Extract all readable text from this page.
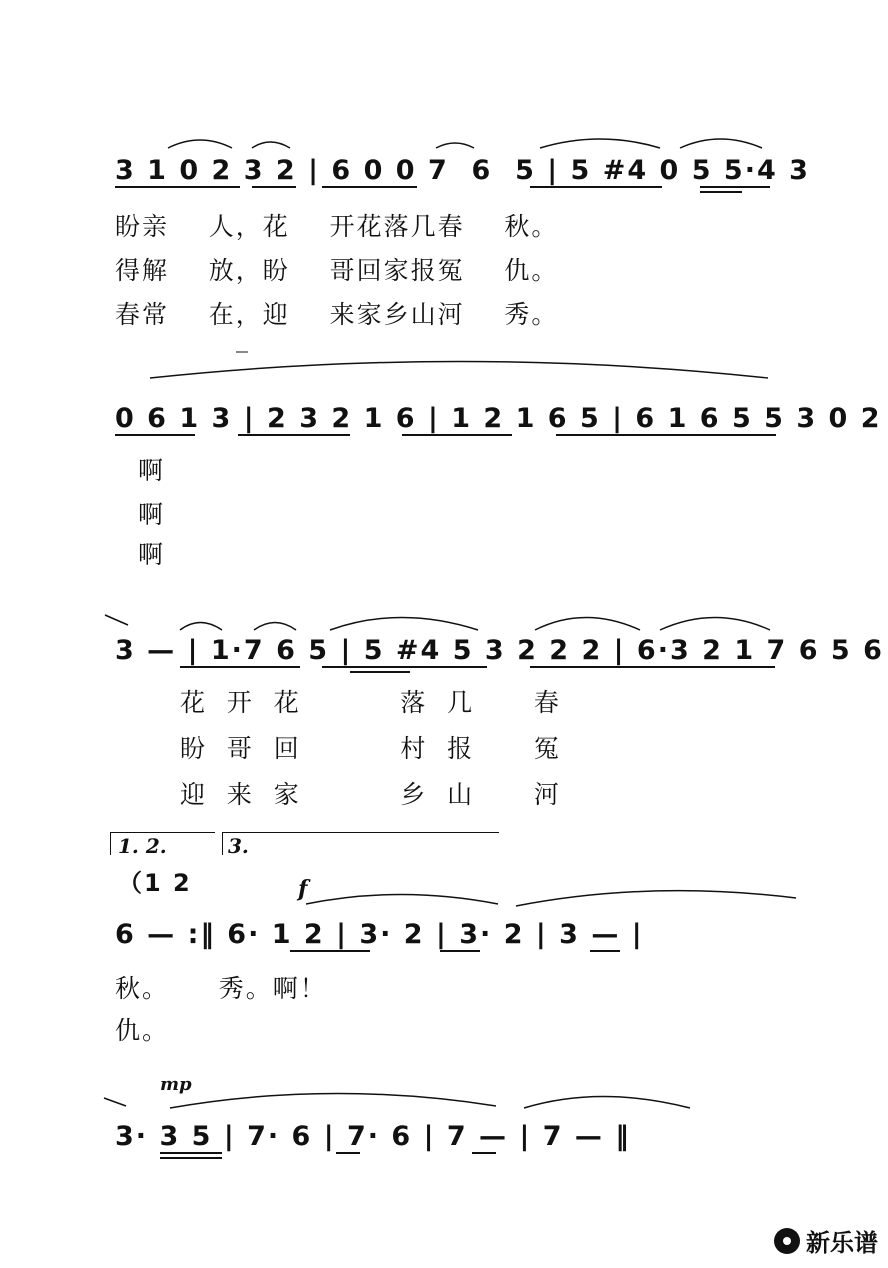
3 1 0 2 3 2 | 6 0 0 7  6  5 | 5 #4 0 5 5·4 3
盼亲    人，花    开花落几春    秋。
得解    放，盼    哥回家报冤    仇。
春常    在，迎    来家乡山河    秀。
0 6 1 3 | 2 3 2 1 6 | 1 2 1 6 5 | 6 1 6 5 5 3 0 2
啊
啊
啊
3 — | 1·7 6 5 | 5 #4 5 3 2 2 2 | 6·3 2 1 7 6 5 6
花  开  花          落  几      春
盼  哥  回          村  报      冤
迎  来  家          乡  山      河
1. 2.	3.
（1 2	f
6 — :‖ 6· 1 2 | 3· 2 | 3· 2 | 3 — |
秋。     秀。啊！
仇。
mp
3· 3 5 | 7· 6 | 7· 6 | 7 — | 7 — ‖
新乐谱
